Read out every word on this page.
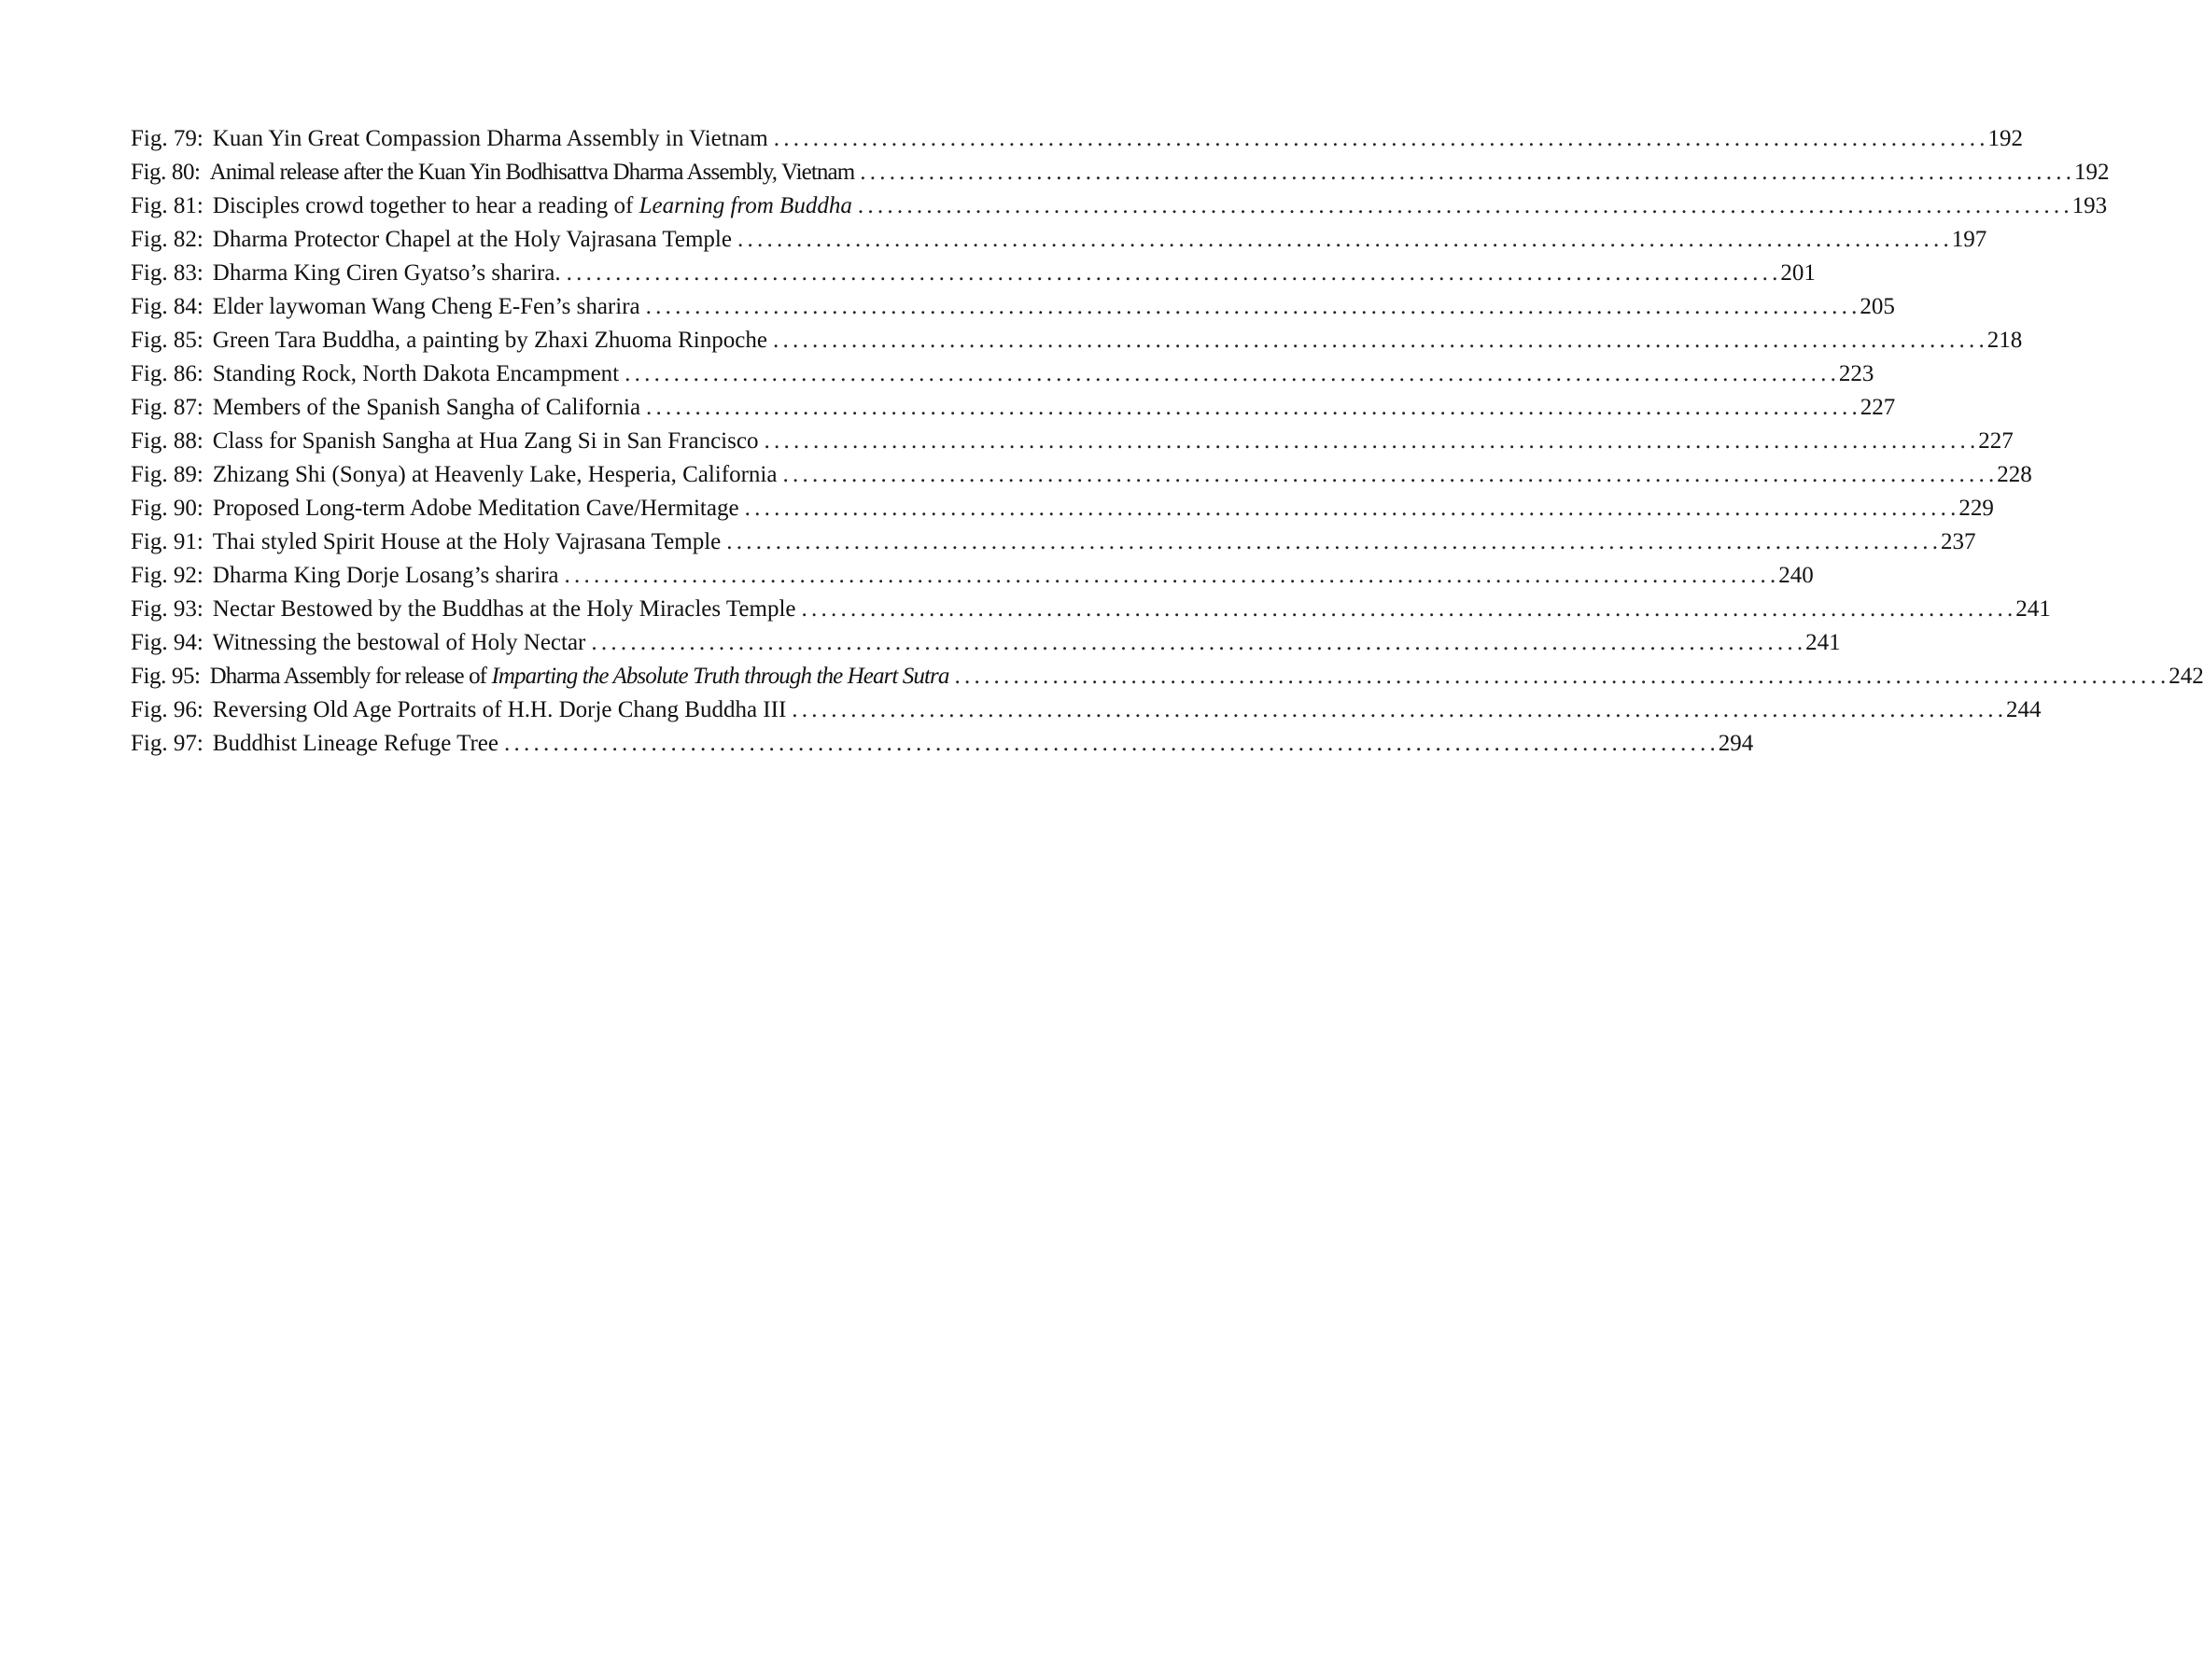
Fig. 79: Kuan Yin Great Compassion Dharma Assembly in Vietnam . . .	192
Fig. 80: Animal release after the Kuan Yin Bodhisattva Dharma Assembly, Vietnam . . .	192
Fig. 81: Disciples crowd together to hear a reading of Learning from Buddha . . .	193
Fig. 82: Dharma Protector Chapel at the Holy Vajrasana Temple . . .	197
Fig. 83: Dharma King Ciren Gyatso’s sharira. . . .	201
Fig. 84: Elder laywoman Wang Cheng E-Fen’s sharira . . .	205
Fig. 85: Green Tara Buddha, a painting by Zhaxi Zhuoma Rinpoche . . .	218
Fig. 86: Standing Rock, North Dakota Encampment . . .	223
Fig. 87: Members of the Spanish Sangha of California . . .	227
Fig. 88: Class for Spanish Sangha at Hua Zang Si in San Francisco . . .	227
Fig. 89: Zhizang Shi (Sonya) at Heavenly Lake, Hesperia, California . . .	228
Fig. 90: Proposed Long-term Adobe Meditation Cave/Hermitage . . .	229
Fig. 91: Thai styled Spirit House at the Holy Vajrasana Temple . . .	237
Fig. 92: Dharma King Dorje Losang’s sharira . . .	240
Fig. 93: Nectar Bestowed by the Buddhas at the Holy Miracles Temple . . .	241
Fig. 94: Witnessing the bestowal of Holy Nectar . . .	241
Fig. 95: Dharma Assembly for release of Imparting the Absolute Truth through the Heart Sutra . . .	242
Fig. 96: Reversing Old Age Portraits of H.H. Dorje Chang Buddha III . . .	244
Fig. 97: Buddhist Lineage Refuge Tree . . .	294
